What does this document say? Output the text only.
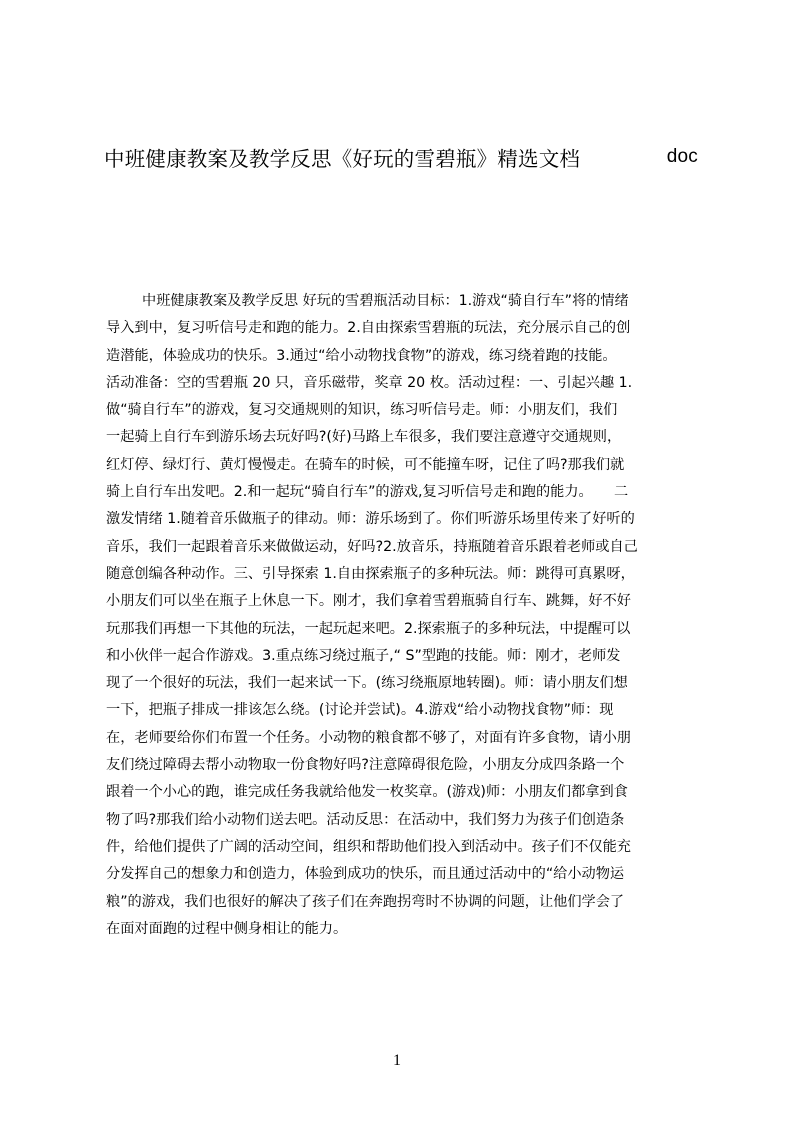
中班健康教案及教学反思《好玩的雪碧瓶》精选文档	doc
中班健康教案及教学反思 好玩的雪碧瓶活动目标：1.游戏“骑自行车”将的情绪
导入到中，复习听信号走和跑的能力。2.自由探索雪碧瓶的玩法，充分展示自己的创
造潜能，体验成功的快乐。3.通过“给小动物找食物”的游戏，练习绕着跑的技能。
活动准备：空的雪碧瓶 20 只，音乐磁带，奖章 20 枚。活动过程：一、引起兴趣 1.
做“骑自行车”的游戏，复习交通规则的知识，练习听信号走。师：小朋友们，我们
一起骑上自行车到游乐场去玩好吗?(好)马路上车很多，我们要注意遵守交通规则，
红灯停、绿灯行、黄灯慢慢走。在骑车的时候，可不能撞车呀，记住了吗?那我们就
骑上自行车出发吧。2.和一起玩“骑自行车”的游戏,复习听信号走和跑的能力。　　二
激发情绪 1.随着音乐做瓶子的律动。师：游乐场到了。你们听游乐场里传来了好听的
音乐，我们一起跟着音乐来做做运动，好吗?2.放音乐，持瓶随着音乐跟着老师或自己
随意创编各种动作。三、引导探索 1.自由探索瓶子的多种玩法。师：跳得可真累呀，
小朋友们可以坐在瓶子上休息一下。刚才，我们拿着雪碧瓶骑自行车、跳舞，好不好
玩那我们再想一下其他的玩法，一起玩起来吧。2.探索瓶子的多种玩法，中提醒可以
和小伙伴一起合作游戏。3.重点练习绕过瓶子,“ S”型跑的技能。师：刚才，老师发
现了一个很好的玩法，我们一起来试一下。(练习绕瓶原地转圈)。师：请小朋友们想
一下，把瓶子排成一排该怎么绕。(讨论并尝试)。4.游戏“给小动物找食物”师：现
在，老师要给你们布置一个任务。小动物的粮食都不够了，对面有许多食物，请小朋
友们绕过障碍去帮小动物取一份食物好吗?注意障碍很危险，小朋友分成四条路一个
跟着一个小心的跑，谁完成任务我就给他发一枚奖章。(游戏)师：小朋友们都拿到食
物了吗?那我们给小动物们送去吧。活动反思：在活动中，我们努力为孩子们创造条
件，给他们提供了广阔的活动空间，组织和帮助他们投入到活动中。孩子们不仅能充
分发挥自己的想象力和创造力，体验到成功的快乐，而且通过活动中的“给小动物运
粮”的游戏，我们也很好的解决了孩子们在奔跑拐弯时不协调的问题，让他们学会了
在面对面跑的过程中侧身相让的能力。
1
